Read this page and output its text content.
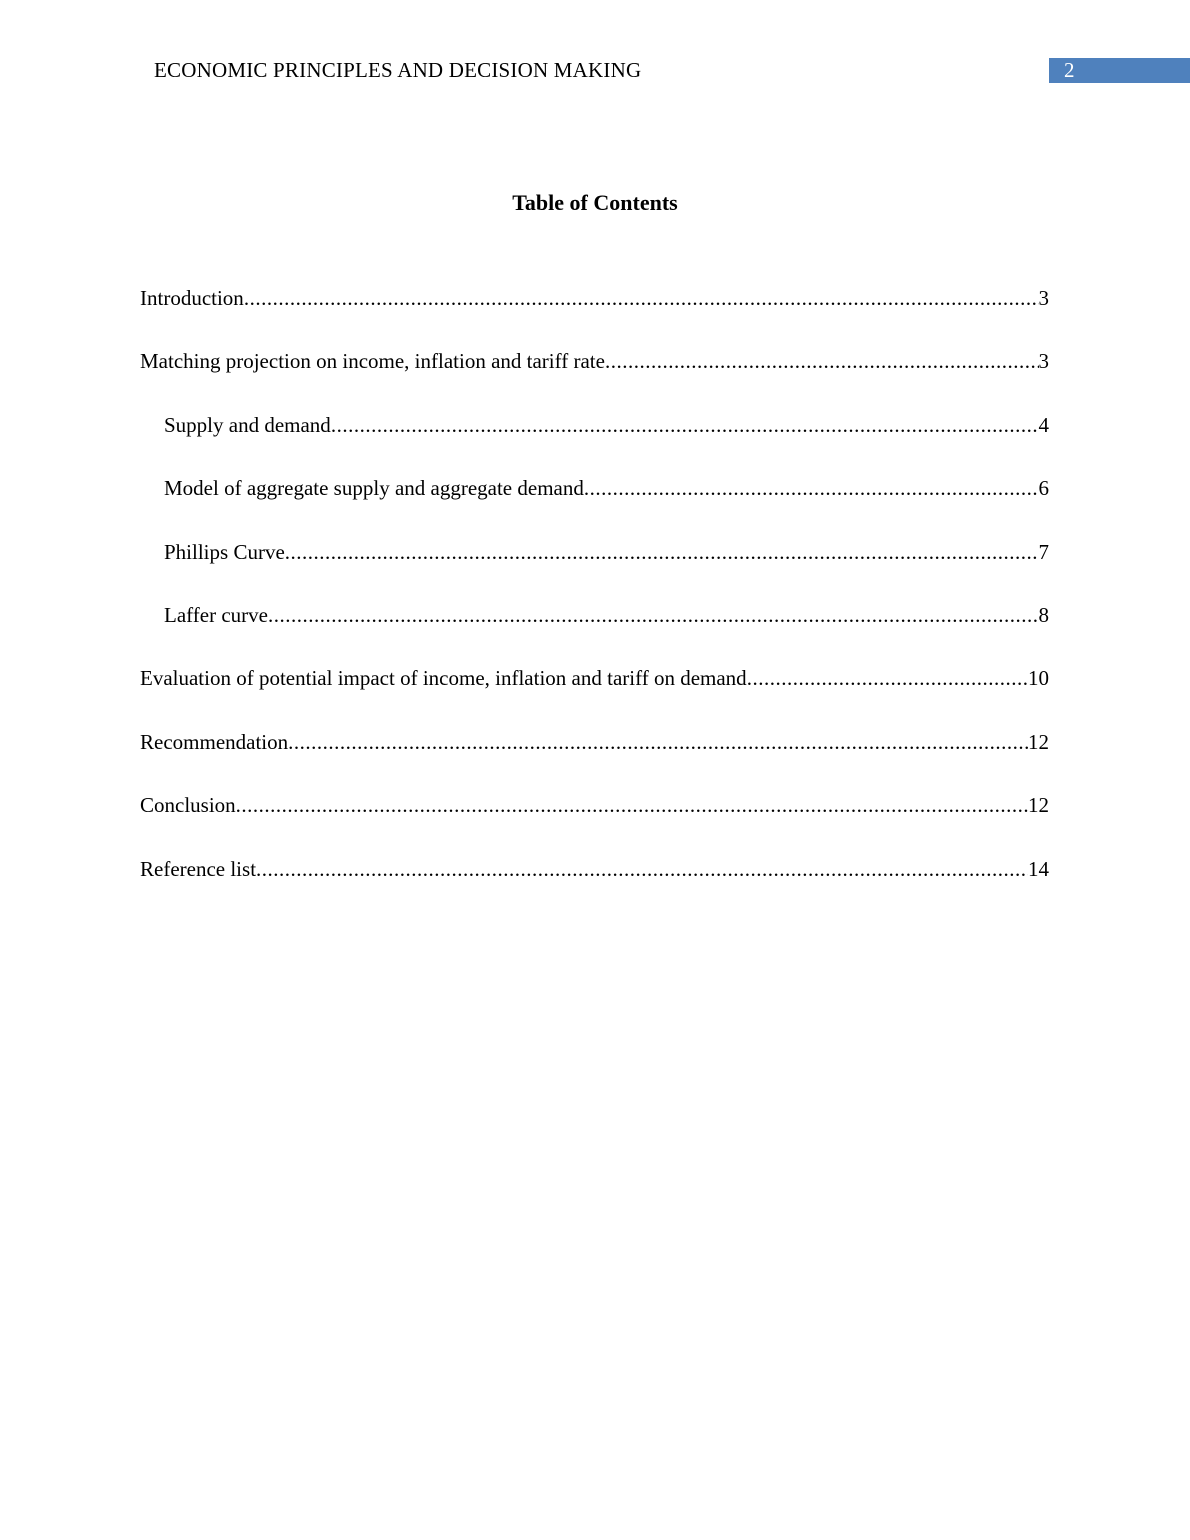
ECONOMIC PRINCIPLES AND DECISION MAKING	2
Table of Contents
Introduction .....	3
Matching projection on income, inflation and tariff rate .....	3
Supply and demand .....	4
Model of aggregate supply and aggregate demand .....	6
Phillips Curve .....	7
Laffer curve .....	8
Evaluation of potential impact of income, inflation and tariff on demand .....	10
Recommendation .....	12
Conclusion .....	12
Reference list .....	14
